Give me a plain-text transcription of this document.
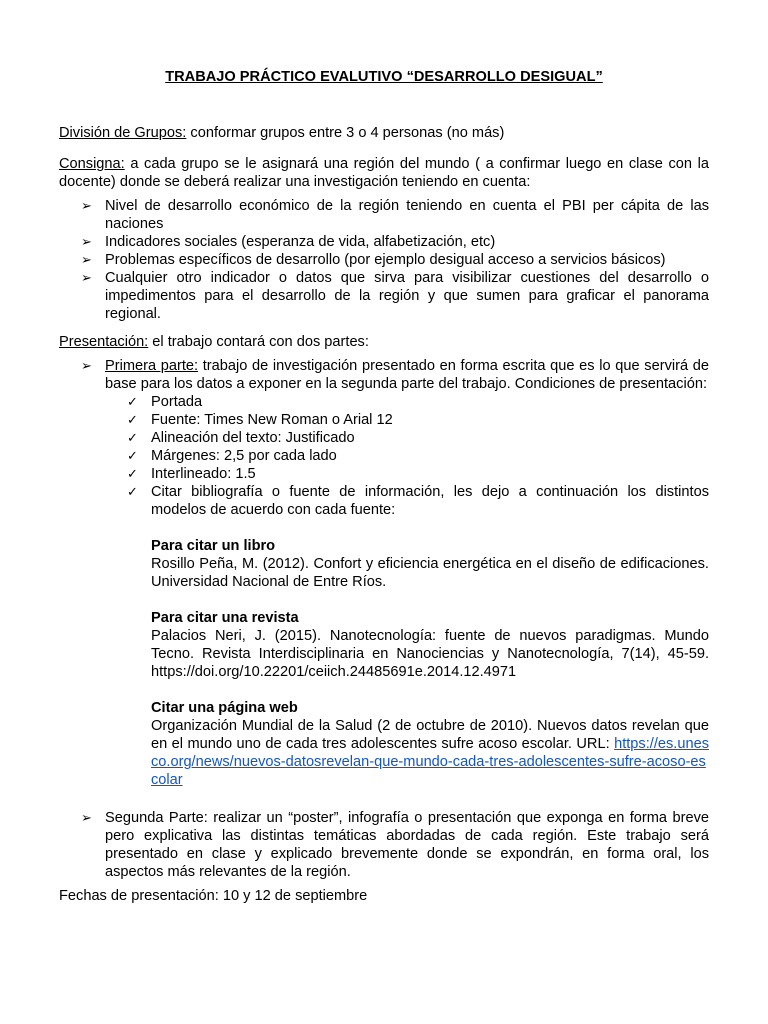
TRABAJO PRÁCTICO EVALUTIVO “DESARROLLO DESIGUAL”

División de Grupos: conformar grupos entre 3 o 4 personas (no más)

Consigna: a cada grupo se le asignará una región del mundo ( a confirmar luego en clase con la docente) donde se deberá realizar una investigación teniendo en cuenta:

➢ Nivel de desarrollo económico de la región teniendo en cuenta el PBI per cápita de las naciones
➢ Indicadores sociales (esperanza de vida, alfabetización, etc)
➢ Problemas específicos de desarrollo (por ejemplo desigual acceso a servicios básicos)
➢ Cualquier otro indicador o datos que sirva para visibilizar cuestiones del desarrollo o impedimentos para el desarrollo de la región y que sumen para graficar el panorama regional.

Presentación: el trabajo contará con dos partes:

➢ Primera parte: trabajo de investigación presentado en forma escrita que es lo que servirá de base para los datos a exponer en la segunda parte del trabajo. Condiciones de presentación:
✓ Portada
✓ Fuente: Times New Roman o Arial 12
✓ Alineación del texto: Justificado
✓ Márgenes: 2,5 por cada lado
✓ Interlineado: 1.5
✓ Citar bibliografía o fuente de información, les dejo a continuación los distintos modelos de acuerdo con cada fuente:

Para citar un libro

Rosillo Peña, M. (2012). Confort y eficiencia energética en el diseño de edificaciones. Universidad Nacional de Entre Ríos.

Para citar una revista

Palacios Neri, J. (2015). Nanotecnología: fuente de nuevos paradigmas. Mundo Tecno. Revista Interdisciplinaria en Nanociencias y Nanotecnología, 7(14), 45-59. https://doi.org/10.22201/ceiich.24485691e.2014.12.4971

Citar una página web

Organización Mundial de la Salud (2 de octubre de 2010). Nuevos datos revelan que en el mundo uno de cada tres adolescentes sufre acoso escolar. URL: https://es.unesco.org/news/nuevos-datosrevelan-que-mundo-cada-tres-adolescentes-sufre-acoso-escolar

➢ Segunda Parte: realizar un “poster”, infografía o presentación que exponga en forma breve pero explicativa las distintas temáticas abordadas de cada región. Este trabajo será presentado en clase y explicado brevemente donde se expondrán, en forma oral, los aspectos más relevantes de la región.

Fechas de presentación: 10 y 12 de septiembre
